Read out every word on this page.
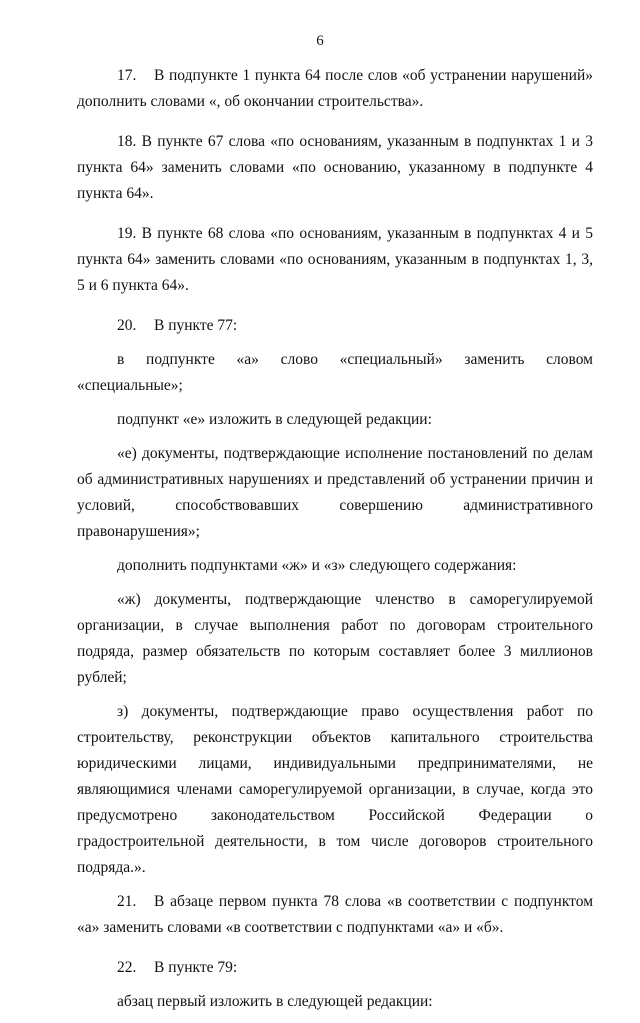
6

17. В подпункте 1 пункта 64 после слов «об устранении нарушений» дополнить словами «, об окончании строительства».

18. В пункте 67 слова «по основаниям, указанным в подпунктах 1 и 3 пункта 64» заменить словами «по основанию, указанному в подпункте 4 пункта 64».

19. В пункте 68 слова «по основаниям, указанным в подпунктах 4 и 5 пункта 64» заменить словами «по основаниям, указанным в подпунктах 1, 3, 5 и 6 пункта 64».

20. В пункте 77:

в подпункте «а» слово «специальный» заменить словом «специальные»;

подпункт «е» изложить в следующей редакции:

«е) документы, подтверждающие исполнение постановлений по делам об административных нарушениях и представлений об устранении причин и условий, способствовавших совершению административного правонарушения»;

дополнить подпунктами «ж» и «з» следующего содержания:

«ж) документы, подтверждающие членство в саморегулируемой организации, в случае выполнения работ по договорам строительного подряда, размер обязательств по которым составляет более 3 миллионов рублей;

з) документы, подтверждающие право осуществления работ по строительству, реконструкции объектов капитального строительства юридическими лицами, индивидуальными предпринимателями, не являющимися членами саморегулируемой организации, в случае, когда это предусмотрено законодательством Российской Федерации о градостроительной деятельности, в том числе договоров строительного подряда.».

21. В абзаце первом пункта 78 слова «в соответствии с подпунктом «а» заменить словами «в соответствии с подпунктами «а» и «б».

22. В пункте 79:

абзац первый изложить в следующей редакции:
